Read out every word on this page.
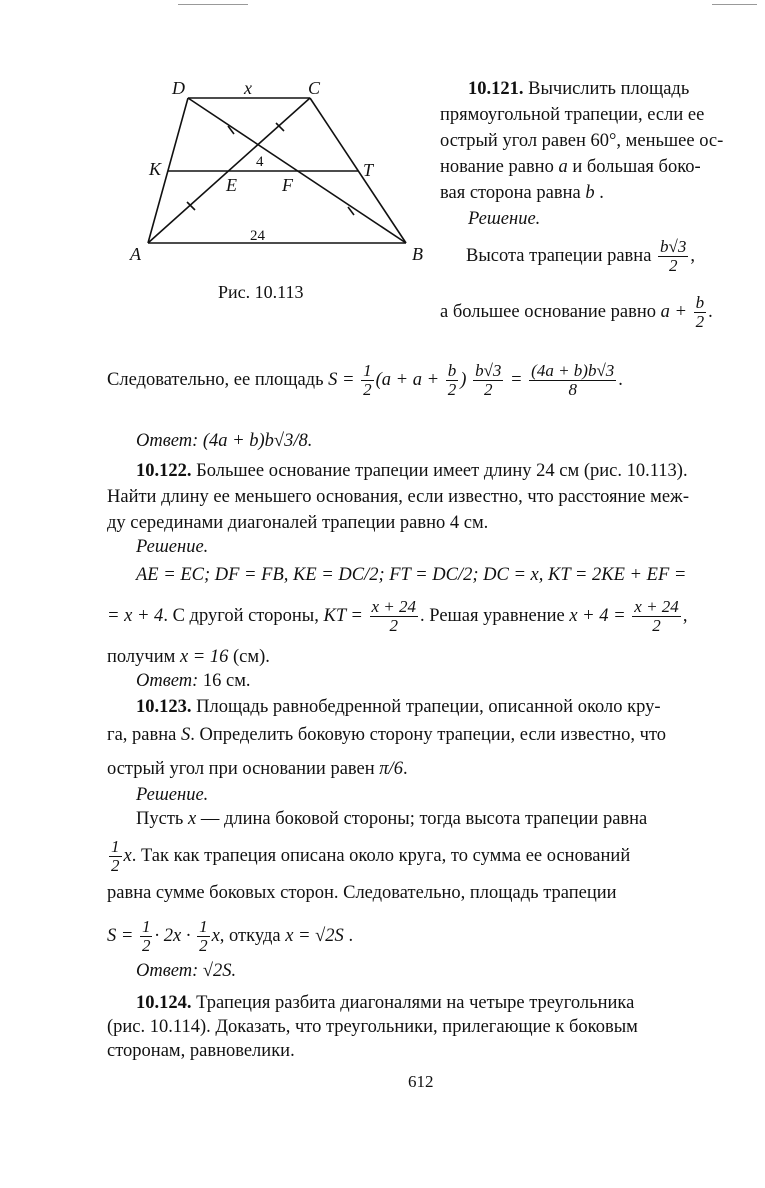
D	C
x
K	T
E	F
A	B
4
24
Рис. 10.113
10.121. Вычислить площадь
прямоугольной трапеции, если ее
острый угол равен 60°, меньшее ос-
нование равно a и большая боко-
вая сторона равна b .
Решение.
Высота трапеции равна $\frac{b√3}{2}$ ,
а большее основание равно $a + \frac{b}{2}$ .
Следовательно, ее площадь $S = \frac{1}{2} (a + a + \frac{b}{2}$ ) $\frac{b√3}{2} = \frac{(4a + b)b√3}{8}$ .
Ответ: (4a + b)b√3/8.
10.122. Большее основание трапеции имеет длину 24 см (рис. 10.113).
Найти длину ее меньшего основания, если известно, что расстояние меж-
ду серединами диагоналей трапеции равно 4 см.
Решение.
AE = EC; DF = FB, KE = DC/2; FT = DC/2; DC = x, KT = 2KE + EF =
= x + 4. С другой стороны, KT = $\frac{x + 24}{2}$ . Решая уравнение $x + 4 = \frac{x + 24}{2}$ ,
получим x = 16 (см).
Ответ: 16 см.
10.123. Площадь равнобедренной трапеции, описанной около кру-
га, равна S. Определить боковую сторону трапеции, если известно, что
острый угол при основании равен π/6.
Решение.
Пусть x — длина боковой стороны; тогда высота трапеции равна
$\frac{1}{2} x$. Так как трапеция описана около круга, то сумма ее оснований
равна сумме боковых сторон. Следовательно, площадь трапеции
$S = \frac{1}{2} \cdot 2x \cdot \frac{1}{2} x$, откуда x = √2S .
Ответ: √2S.
10.124. Трапеция разбита диагоналями на четыре треугольника
(рис. 10.114). Доказать, что треугольники, прилегающие к боковым
сторонам, равновелики.
612
